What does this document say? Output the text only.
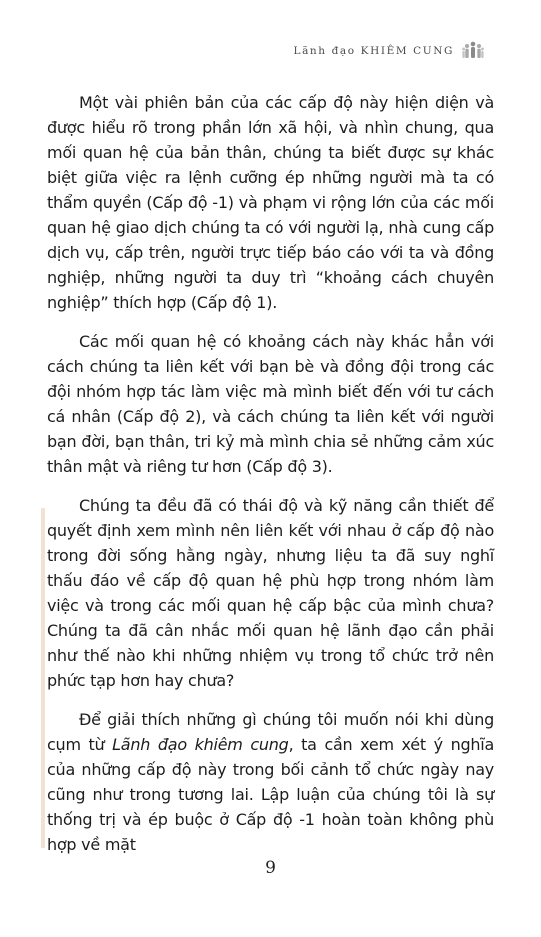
Lãnh đạo KHIÊM CUNG

Một vài phiên bản của các cấp độ này hiện diện và được hiểu rõ trong phần lớn xã hội, và nhìn chung, qua mối quan hệ của bản thân, chúng ta biết được sự khác biệt giữa việc ra lệnh cưỡng ép những người mà ta có thẩm quyền (Cấp độ -1) và phạm vi rộng lớn của các mối quan hệ giao dịch chúng ta có với người lạ, nhà cung cấp dịch vụ, cấp trên, người trực tiếp báo cáo với ta và đồng nghiệp, những người ta duy trì “khoảng cách chuyên nghiệp” thích hợp (Cấp độ 1).

Các mối quan hệ có khoảng cách này khác hẳn với cách chúng ta liên kết với bạn bè và đồng đội trong các đội nhóm hợp tác làm việc mà mình biết đến với tư cách cá nhân (Cấp độ 2), và cách chúng ta liên kết với người bạn đời, bạn thân, tri kỷ mà mình chia sẻ những cảm xúc thân mật và riêng tư hơn (Cấp độ 3).

Chúng ta đều đã có thái độ và kỹ năng cần thiết để quyết định xem mình nên liên kết với nhau ở cấp độ nào trong đời sống hằng ngày, nhưng liệu ta đã suy nghĩ thấu đáo về cấp độ quan hệ phù hợp trong nhóm làm việc và trong các mối quan hệ cấp bậc của mình chưa? Chúng ta đã cân nhắc mối quan hệ lãnh đạo cần phải như thế nào khi những nhiệm vụ trong tổ chức trở nên phức tạp hơn hay chưa?

Để giải thích những gì chúng tôi muốn nói khi dùng cụm từ Lãnh đạo khiêm cung, ta cần xem xét ý nghĩa của những cấp độ này trong bối cảnh tổ chức ngày nay cũng như trong tương lai. Lập luận của chúng tôi là sự thống trị và ép buộc ở Cấp độ -1 hoàn toàn không phù hợp về mặt

9
